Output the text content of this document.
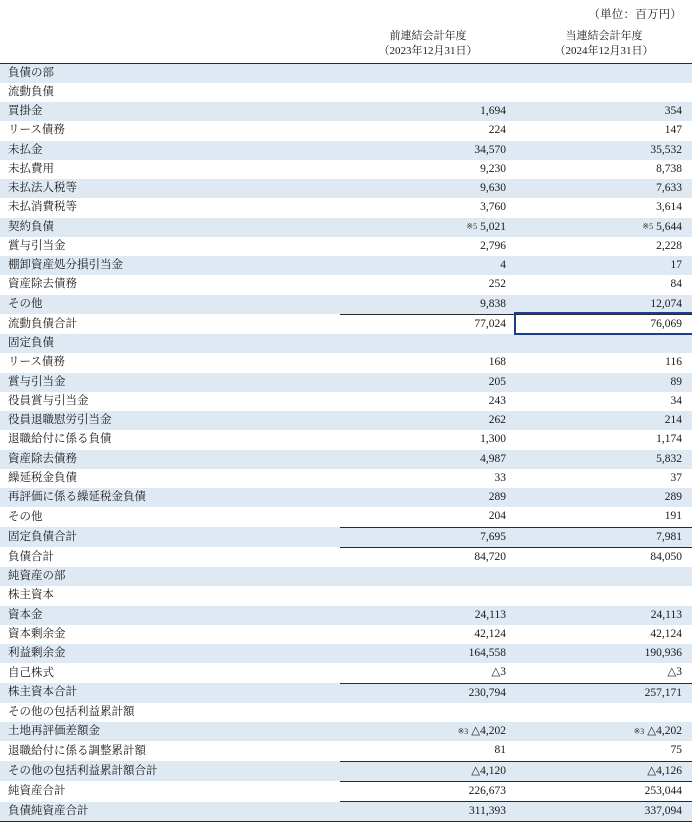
（単位：百万円）

前連結会計年度
（2023年12月31日）

当連結会計年度
（2024年12月31日）

負債の部		
流動負債		
買掛金	1,694	354
リース債務	224	147
未払金	34,570	35,532
未払費用	9,230	8,738
未払法人税等	9,630	7,633
未払消費税等	3,760	3,614
契約負債	※5 5,021	※5 5,644
賞与引当金	2,796	2,228
棚卸資産処分損引当金	4	17
資産除去債務	252	84
その他	9,838	12,074
流動負債合計	77,024	76,069
固定負債		
リース債務	168	116
賞与引当金	205	89
役員賞与引当金	243	34
役員退職慰労引当金	262	214
退職給付に係る負債	1,300	1,174
資産除去債務	4,987	5,832
繰延税金負債	33	37
再評価に係る繰延税金負債	289	289
その他	204	191
固定負債合計	7,695	7,981
負債合計	84,720	84,050
純資産の部		
株主資本		
資本金	24,113	24,113
資本剰余金	42,124	42,124
利益剰余金	164,558	190,936
自己株式	△3	△3
株主資本合計	230,794	257,171
その他の包括利益累計額		
土地再評価差額金	※3 △4,202	※3 △4,202
退職給付に係る調整累計額	81	75
その他の包括利益累計額合計	△4,120	△4,126
純資産合計	226,673	253,044
負債純資産合計	311,393	337,094
